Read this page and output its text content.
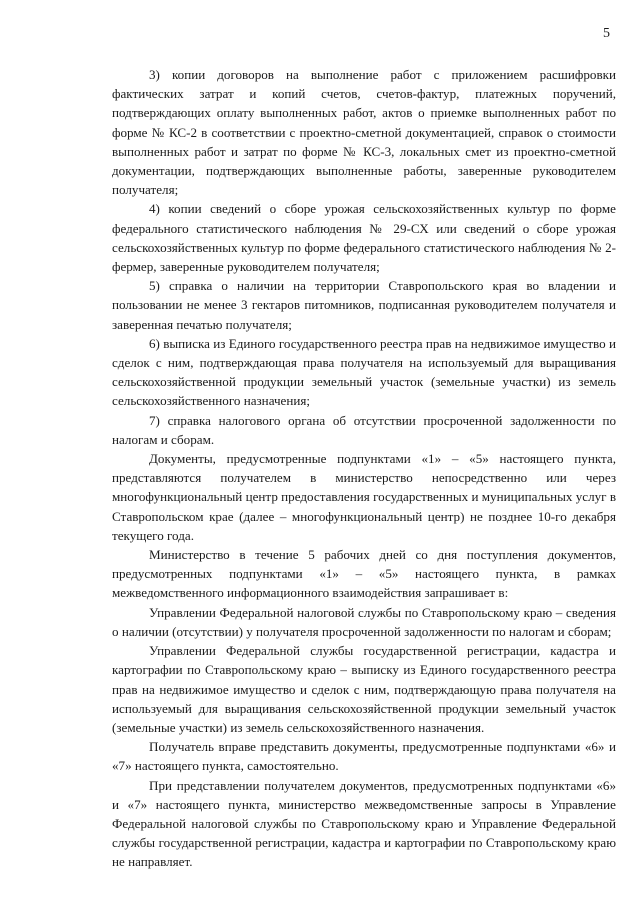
5

3) копии договоров на выполнение работ с приложением расшифровки фактических затрат и копий счетов, счетов-фактур, платежных поручений, подтверждающих оплату выполненных работ, актов о приемке выполненных работ по форме № КС-2 в соответствии с проектно-сметной документацией, справок о стоимости выполненных работ и затрат по форме № КС-3, локальных смет из проектно-сметной документации, подтверждающих выполненные работы, заверенные руководителем получателя;

4) копии сведений о сборе урожая сельскохозяйственных культур по форме федерального статистического наблюдения № 29-СХ или сведений о сборе урожая сельскохозяйственных культур по форме федерального статистического наблюдения № 2-фермер, заверенные руководителем получателя;

5) справка о наличии на территории Ставропольского края во владении и пользовании не менее 3 гектаров питомников, подписанная руководителем получателя и заверенная печатью получателя;

6) выписка из Единого государственного реестра прав на недвижимое имущество и сделок с ним, подтверждающая права получателя на используемый для выращивания сельскохозяйственной продукции земельный участок (земельные участки) из земель сельскохозяйственного назначения;

7) справка налогового органа об отсутствии просроченной задолженности по налогам и сборам.

Документы, предусмотренные подпунктами «1» – «5» настоящего пункта, представляются получателем в министерство непосредственно или через многофункциональный центр предоставления государственных и муниципальных услуг в Ставропольском крае (далее – многофункциональный центр) не позднее 10-го декабря текущего года.

Министерство в течение 5 рабочих дней со дня поступления документов, предусмотренных подпунктами «1» – «5» настоящего пункта, в рамках межведомственного информационного взаимодействия запрашивает в:

Управлении Федеральной налоговой службы по Ставропольскому краю – сведения о наличии (отсутствии) у получателя просроченной задолженности по налогам и сборам;

Управлении Федеральной службы государственной регистрации, кадастра и картографии по Ставропольскому краю – выписку из Единого государственного реестра прав на недвижимое имущество и сделок с ним, подтверждающую права получателя на используемый для выращивания сельскохозяйственной продукции земельный участок (земельные участки) из земель сельскохозяйственного назначения.

Получатель вправе представить документы, предусмотренные подпунктами «6» и «7» настоящего пункта, самостоятельно.

При представлении получателем документов, предусмотренных подпунктами «6» и «7» настоящего пункта, министерство межведомственные запросы в Управление Федеральной налоговой службы по Ставропольскому краю и Управление Федеральной службы государственной регистрации, кадастра и картографии по Ставропольскому краю не направляет.
